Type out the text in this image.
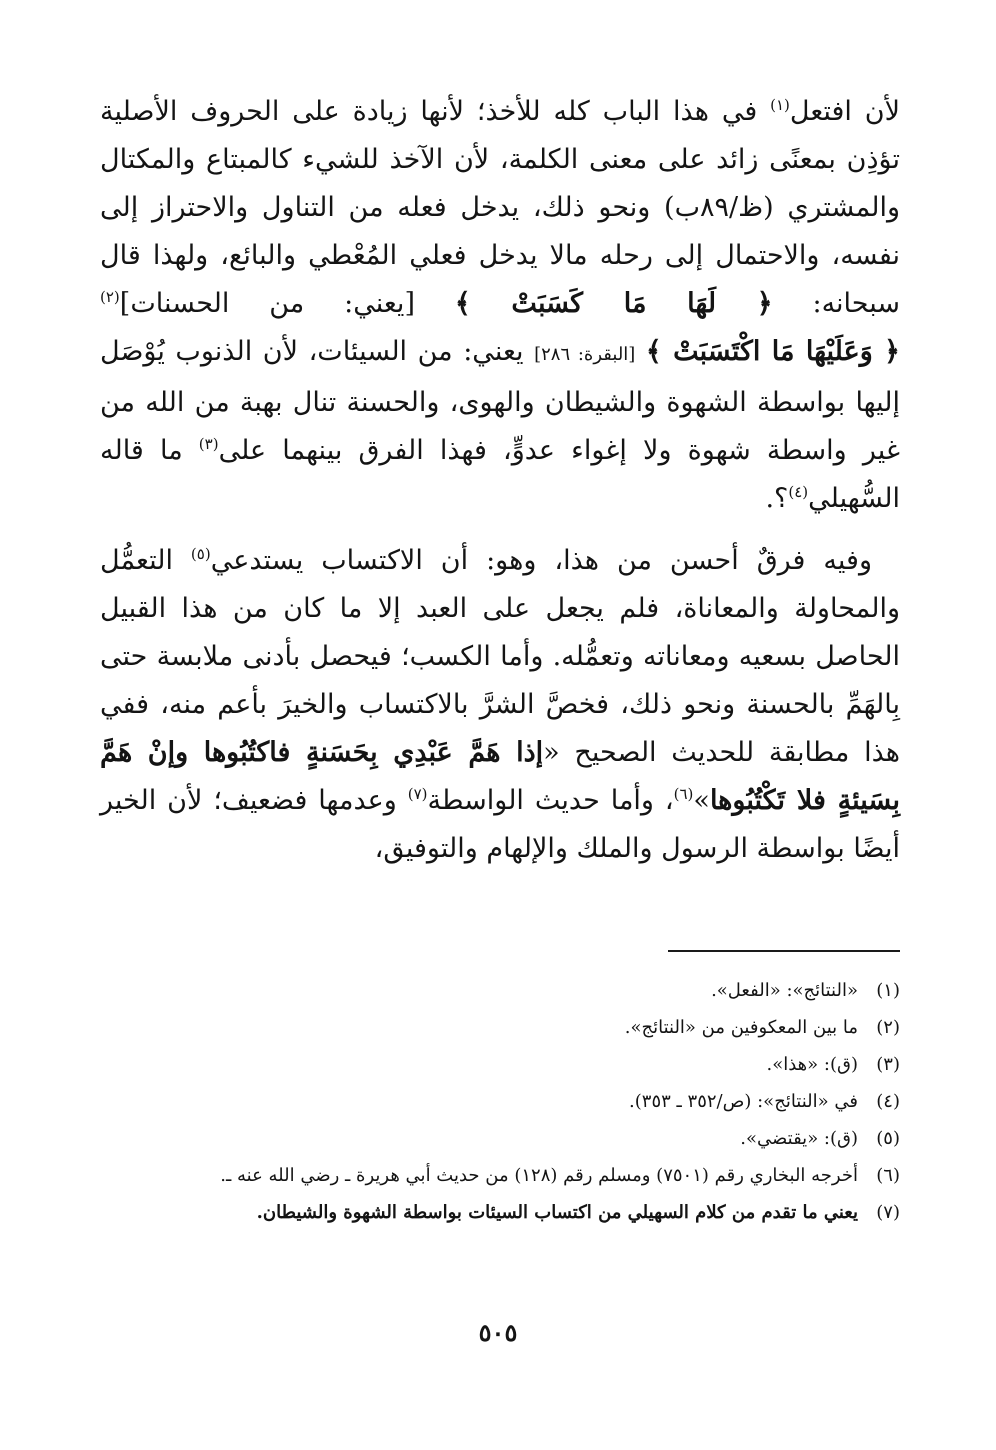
لأن افتعل$^{(١)}$ في هذا الباب كله للأخذ؛ لأنها زيادة على الحروف الأصلية تؤذِن بمعنًى زائد على معنى الكلمة، لأن الآخذ للشيء كالمبتاع والمكتال والمشتري (ظ/٨٩ب) ونحو ذلك، يدخل فعله من التناول والاحتراز إلى نفسه، والاحتمال إلى رحله مالا يدخل فعلي المُعْطي والبائع، ولهذا قال سبحانه: ﴿ لَهَا مَا كَسَبَتْ ﴾ [يعني: من الحسنات]$^{(٢)}$ ﴿ وَعَلَيْهَا مَا اكْتَسَبَتْ ﴾ [البقرة: ٢٨٦] يعني: من السيئات، لأن الذنوب يُوْصَل إليها بواسطة الشهوة والشيطان والهوى، والحسنة تنال بهبة من الله من غير واسطة شهوة ولا إغواء عدوٍّ، فهذا الفرق بينهما على$^{(٣)}$ ما قاله السُّهيلي$^{(٤)}$؟.

وفيه فرقٌ أحسن من هذا، وهو: أن الاكتساب يستدعي$^{(٥)}$ التعمُّل والمحاولة والمعاناة، فلم يجعل على العبد إلا ما كان من هذا القبيل الحاصل بسعيه ومعاناته وتعمُّله. وأما الكسب؛ فيحصل بأدنى ملابسة حتى بِالهَمِّ بالحسنة ونحو ذلك، فخصَّ الشرَّ بالاكتساب والخيرَ بأعم منه، ففي هذا مطابقة للحديث الصحيح «إذا هَمَّ عَبْدِي بِحَسَنةٍ فاكتُبُوها وإنْ هَمَّ بِسَيئةٍ فلا تَكْتُبُوها»$^{(٦)}$، وأما حديث الواسطة$^{(٧)}$ وعدمها فضعيف؛ لأن الخير أيضًا بواسطة الرسول والملك والإلهام والتوفيق،

(١)
«النتائج»: «الفعل».
(٢)
ما بين المعكوفين من «النتائج».
(٣)
(ق): «هذا».
(٤)
في «النتائج»: (ص/٣٥٢ ـ ٣٥٣).
(٥)
(ق): «يقتضي».
(٦)
أخرجه البخاري رقم (٧٥٠١) ومسلم رقم (١٢٨) من حديث أبي هريرة ـ رضي الله عنه ـ.
(٧)
يعني ما تقدم من كلام السهيلي من اكتساب السيئات بواسطة الشهوة والشيطان.
٥٠٥
